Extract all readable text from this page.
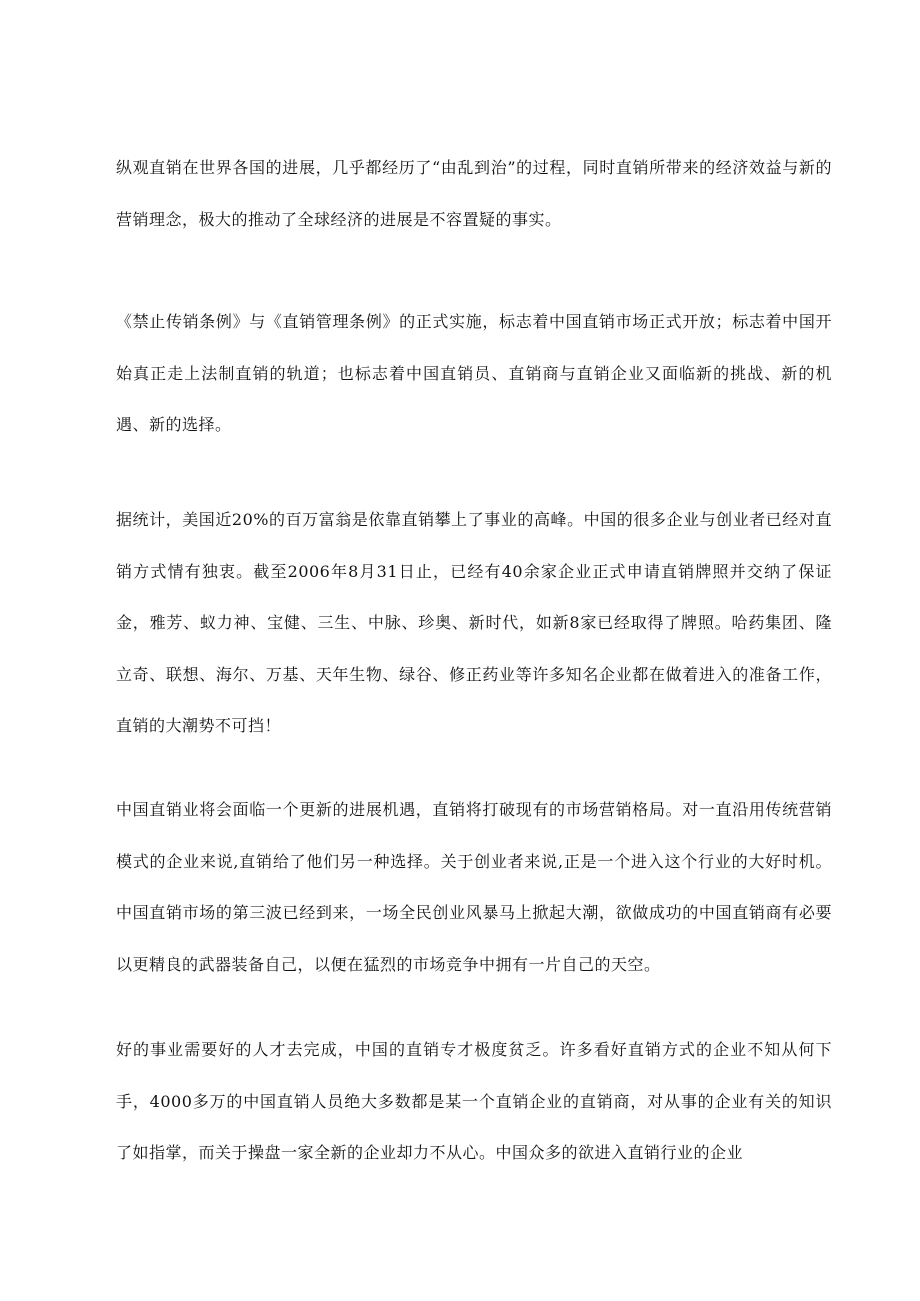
纵观直销在世界各国的进展，几乎都经历了“由乱到治”的过程，同时直销所带来的经济效益与新的营销理念，极大的推动了全球经济的进展是不容置疑的事实。

《禁止传销条例》与《直销管理条例》的正式实施，标志着中国直销市场正式开放；标志着中国开始真正走上法制直销的轨道；也标志着中国直销员、直销商与直销企业又面临新的挑战、新的机遇、新的选择。

据统计，美国近20%的百万富翁是依靠直销攀上了事业的高峰。中国的很多企业与创业者已经对直销方式情有独衷。截至2006年8月31日止，已经有40余家企业正式申请直销牌照并交纳了保证金，雅芳、蚁力神、宝健、三生、中脉、珍奥、新时代，如新8家已经取得了牌照。哈药集团、隆立奇、联想、海尔、万基、天年生物、绿谷、修正药业等许多知名企业都在做着进入的准备工作，直销的大潮势不可挡！

中国直销业将会面临一个更新的进展机遇，直销将打破现有的市场营销格局。对一直沿用传统营销模式的企业来说,直销给了他们另一种选择。关于创业者来说,正是一个进入这个行业的大好时机。中国直销市场的第三波已经到来，一场全民创业风暴马上掀起大潮，欲做成功的中国直销商有必要以更精良的武器装备自己，以便在猛烈的市场竞争中拥有一片自己的天空。

好的事业需要好的人才去完成，中国的直销专才极度贫乏。许多看好直销方式的企业不知从何下手，4000多万的中国直销人员绝大多数都是某一个直销企业的直销商，对从事的企业有关的知识了如指掌，而关于操盘一家全新的企业却力不从心。中国众多的欲进入直销行业的企业
